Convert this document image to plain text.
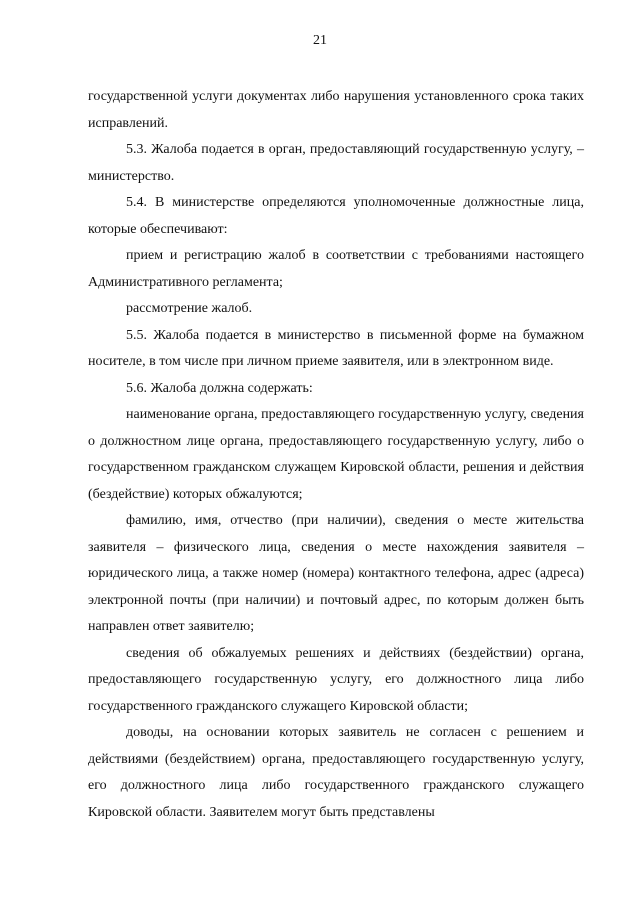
21

государственной услуги документах либо нарушения установленного срока таких исправлений.

5.3. Жалоба подается в орган, предоставляющий государственную услугу, – министерство.

5.4. В министерстве определяются уполномоченные должностные лица, которые обеспечивают:

прием и регистрацию жалоб в соответствии с требованиями настоящего Административного регламента;

рассмотрение жалоб.

5.5. Жалоба подается в министерство в письменной форме на бумажном носителе, в том числе при личном приеме заявителя, или в электронном виде.

5.6. Жалоба должна содержать:

наименование органа, предоставляющего государственную услугу, сведения о должностном лице органа, предоставляющего государственную услугу, либо о государственном гражданском служащем Кировской области, решения и действия (бездействие) которых обжалуются;

фамилию, имя, отчество (при наличии), сведения о месте жительства заявителя – физического лица, сведения о месте нахождения заявителя – юридического лица, а также номер (номера) контактного телефона, адрес (адреса) электронной почты (при наличии) и почтовый адрес, по которым должен быть направлен ответ заявителю;

сведения об обжалуемых решениях и действиях (бездействии) органа, предоставляющего государственную услугу, его должностного лица либо государственного гражданского служащего Кировской области;

доводы, на основании которых заявитель не согласен с решением и действиями (бездействием) органа, предоставляющего государственную услугу, его должностного лица либо государственного гражданского служащего Кировской области. Заявителем могут быть представлены
